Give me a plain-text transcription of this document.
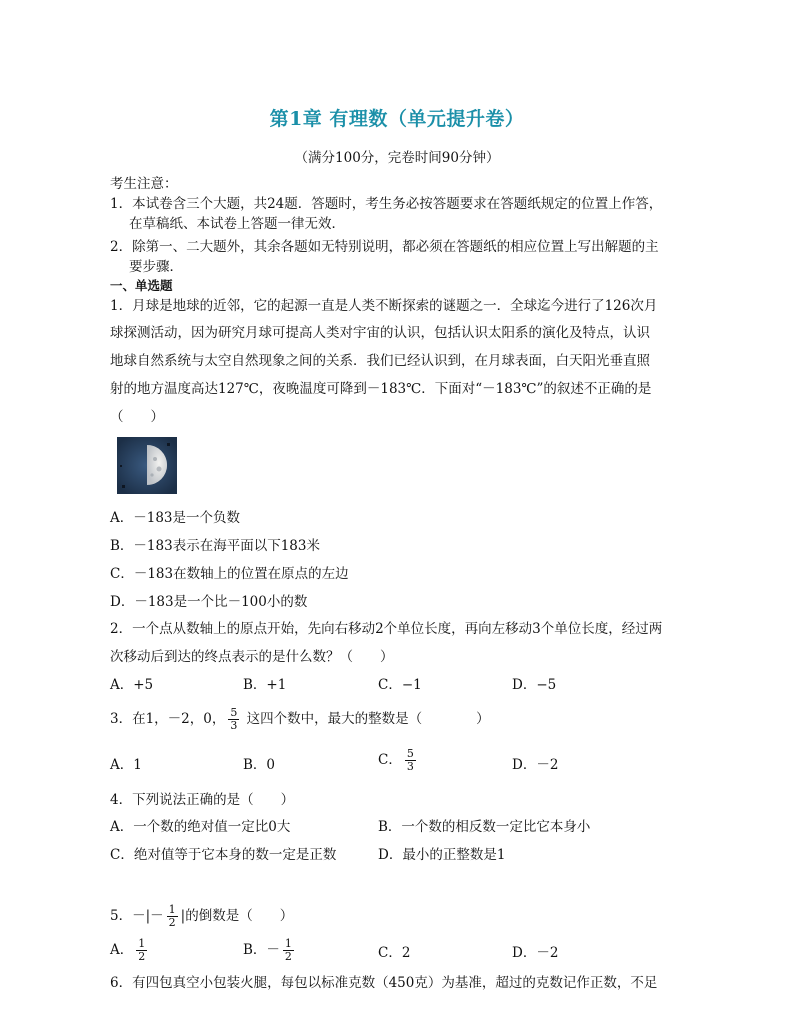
第1章 有理数（单元提升卷）
（满分100分，完卷时间90分钟）
考生注意：
1．本试卷含三个大题，共24题．答题时，考生务必按答题要求在答题纸规定的位置上作答，
在草稿纸、本试卷上答题一律无效．
2．除第一、二大题外，其余各题如无特别说明，都必须在答题纸的相应位置上写出解题的主
要步骤．
一、单选题
1．月球是地球的近邻，它的起源一直是人类不断探索的谜题之一．全球迄今进行了126次月
球探测活动，因为研究月球可提高人类对宇宙的认识，包括认识太阳系的演化及特点，认识
地球自然系统与太空自然现象之间的关系．我们已经认识到，在月球表面，白天阳光垂直照
射的地方温度高达127℃，夜晚温度可降到－183℃．下面对“－183℃”的叙述不正确的是
（　　）
A．－183是一个负数
B．－183表示在海平面以下183米
C．－183在数轴上的位置在原点的左边
D．－183是一个比－100小的数
2．一个点从数轴上的原点开始，先向右移动2个单位长度，再向左移动3个单位长度，经过两
次移动后到达的终点表示的是什么数？（　　）
A．+5	B．+1	C．−1	D．−5
3．在1，－2，0， $\frac{5}{3}$ 这四个数中，最大的整数是（　　　　）
A．1	B．0	C． $\frac{5}{3}$	D．－2
4．下列说法正确的是（　　）
A．一个数的绝对值一定比0大	B．一个数的相反数一定比它本身小
C．绝对值等于它本身的数一定是正数	D．最小的正整数是1
5．－|－ $\frac{1}{2}$ |的倒数是（　　）
A． $\frac{1}{2}$	B．－ $\frac{1}{2}$	C．2	D．－2
6．有四包真空小包装火腿，每包以标准克数（450克）为基准，超过的克数记作正数，不足
